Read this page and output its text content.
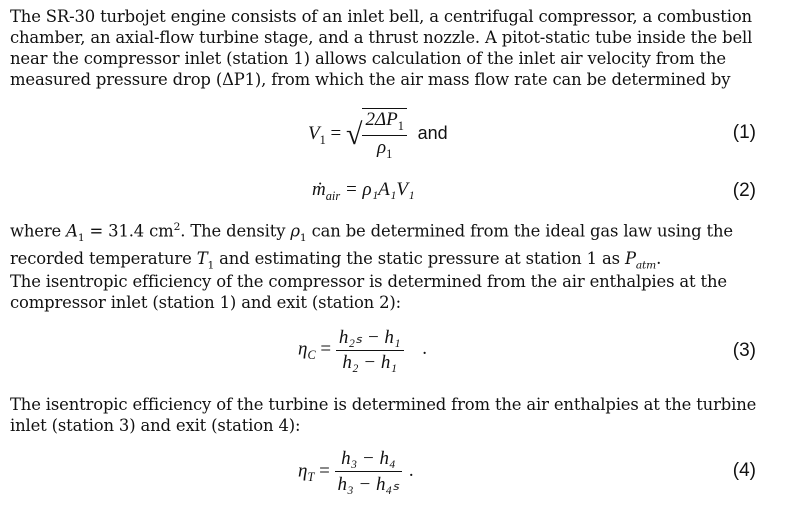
The SR-30 turbojet engine consists of an inlet bell, a centrifugal compressor, a combustion chamber, an axial-flow turbine stage, and a thrust nozzle. A pitot-static tube inside the bell near the compressor inlet (station 1) allows calculation of the inlet air velocity from the measured pressure drop (ΔP1), from which the air mass flow rate can be determined by

$V_1$ = √ $\frac{2\Delta P_1}{\rho_1}$ and	(1)
ṁ$_{air}$ = ρ₁A₁V₁	(2)

where $A_1 = 31.4$ $cm^2$. The density $\rho_1$ can be determined from the ideal gas law using the recorded temperature $T_1$ and estimating the static pressure at station 1 as $P_{atm}$.

The isentropic efficiency of the compressor is determined from the air enthalpies at the compressor inlet (station 1) and exit (station 2):

$\eta_C = \frac{\text{h₂ₛ − h₁}}{\text{h₂ − h₁}}$ .	(3)

The isentropic efficiency of the turbine is determined from the air enthalpies at the turbine inlet (station 3) and exit (station 4):

$\eta_T = \frac{\text{h₃ − h₄}}{\text{h₃ − h₄ₛ}}$ .	(4)
